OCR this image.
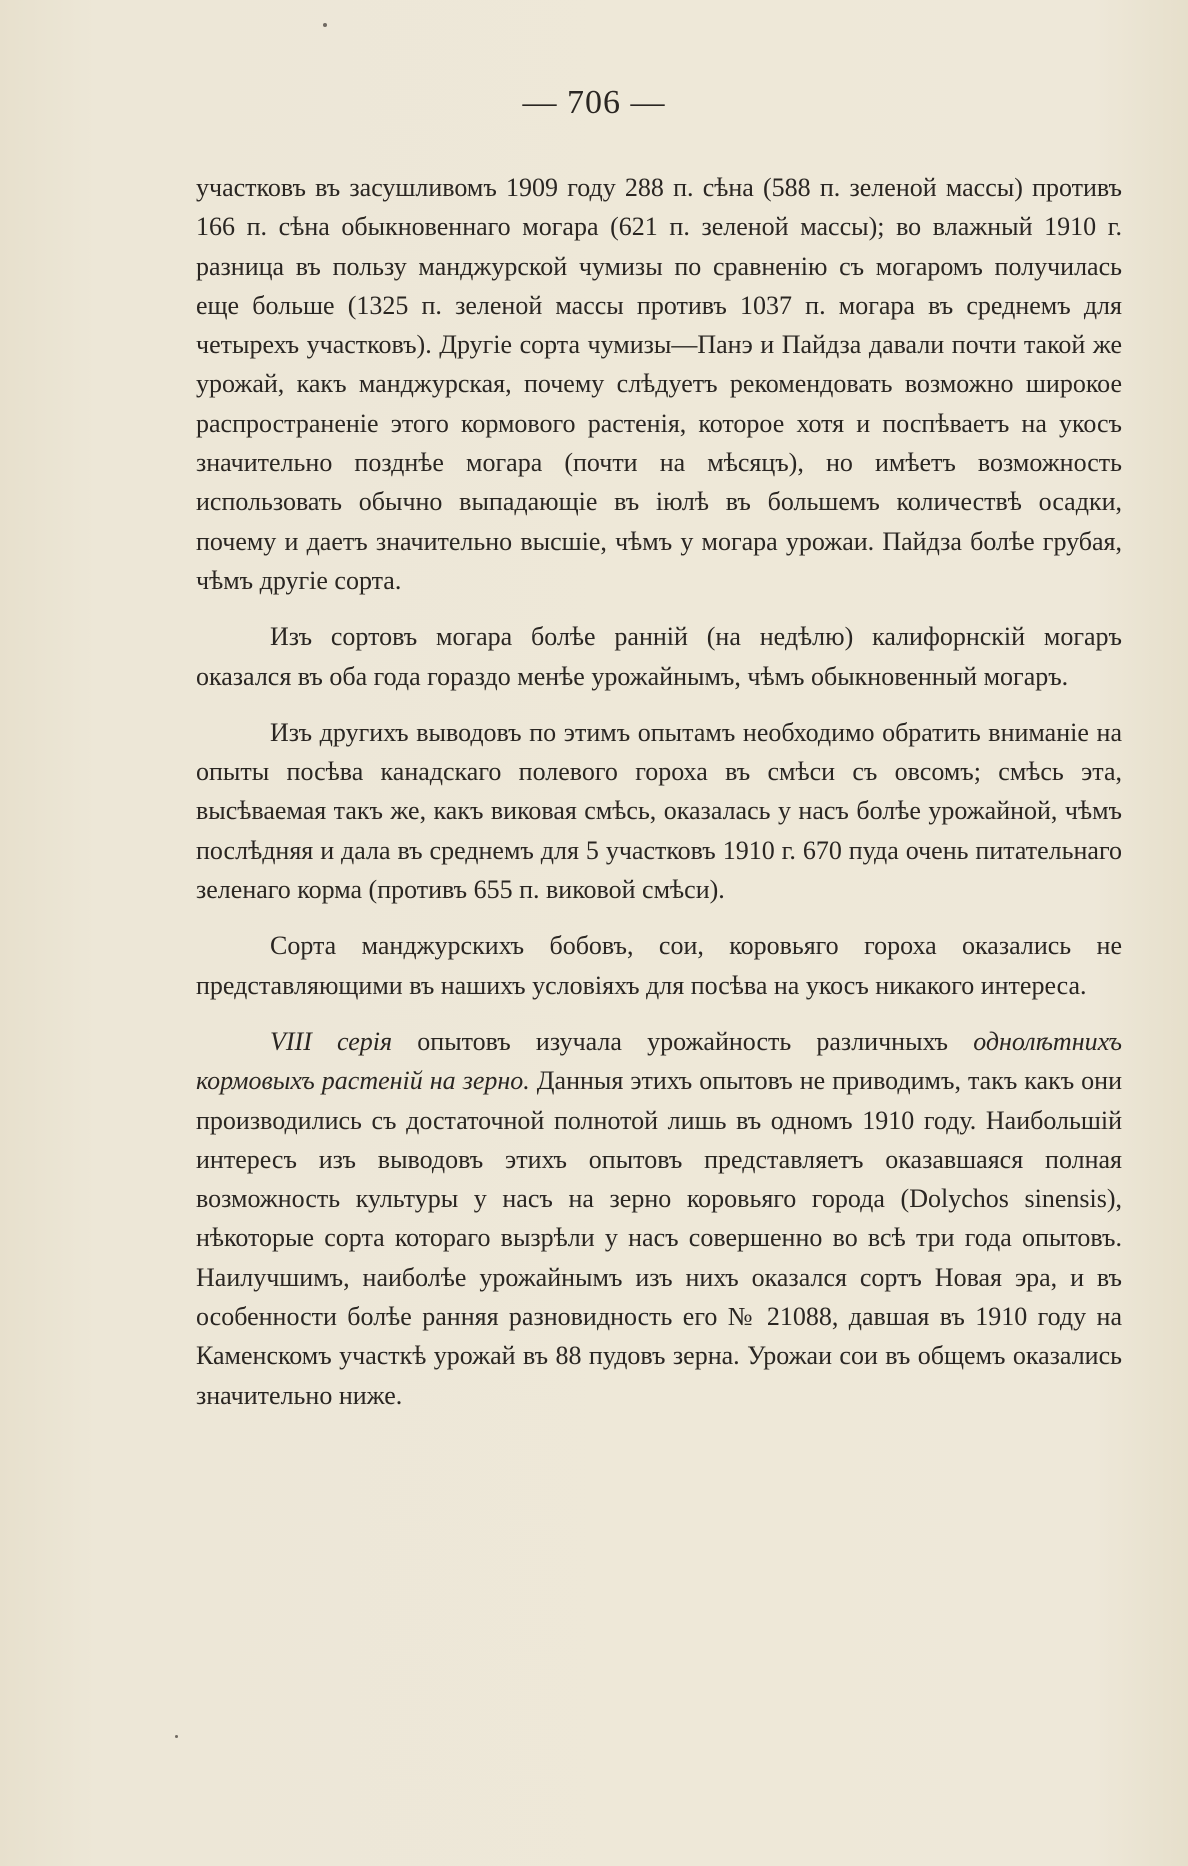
— 706 —

участковъ въ засушливомъ 1909 году 288 п. сѣна (588 п. зеленой массы) противъ 166 п. сѣна обыкновеннаго могара (621 п. зеленой массы); во влажный 1910 г. разница въ пользу манджурской чумизы по сравненію съ могаромъ получилась еще больше (1325 п. зеленой массы противъ 1037 п. могара въ среднемъ для четырехъ участковъ). Другіе сорта чумизы—Панэ и Пайдза давали почти такой же урожай, какъ манджурская, почему слѣдуетъ рекомендовать возможно широкое распространеніе этого кормового растенія, которое хотя и поспѣваетъ на укосъ значительно позднѣе могара (почти на мѣсяцъ), но имѣетъ возможность использовать обычно выпадающіе въ іюлѣ въ большемъ количествѣ осадки, почему и даетъ значительно высшіе, чѣмъ у могара урожаи. Пайдза болѣе грубая, чѣмъ другіе сорта.

Изъ сортовъ могара болѣе ранній (на недѣлю) калифорнскій могаръ оказался въ оба года гораздо менѣе урожайнымъ, чѣмъ обыкновенный могаръ.

Изъ другихъ выводовъ по этимъ опытамъ необходимо обратить вниманіе на опыты посѣва канадскаго полевого гороха въ смѣси съ овсомъ; смѣсь эта, высѣваемая такъ же, какъ виковая смѣсь, оказалась у насъ болѣе урожайной, чѣмъ послѣдняя и дала въ среднемъ для 5 участковъ 1910 г. 670 пуда очень питательнаго зеленаго корма (противъ 655 п. виковой смѣси).

Сорта манджурскихъ бобовъ, сои, коровьяго гороха оказались не представляющими въ нашихъ условіяхъ для посѣва на укосъ никакого интереса.

VIII серія опытовъ изучала урожайность различныхъ однолѣтнихъ кормовыхъ растеній на зерно. Данныя этихъ опытовъ не приводимъ, такъ какъ они производились съ достаточной полнотой лишь въ одномъ 1910 году. Наибольшій интересъ изъ выводовъ этихъ опытовъ представляетъ оказавшаяся полная возможность культуры у насъ на зерно коровьяго города (Dolychos sinensis), нѣкоторые сорта котораго вызрѣли у насъ совершенно во всѣ три года опытовъ. Наилучшимъ, наиболѣе урожайнымъ изъ нихъ оказался сортъ Новая эра, и въ особенности болѣе ранняя разновидность его № 21088, давшая въ 1910 году на Каменскомъ участкѣ урожай въ 88 пудовъ зерна. Урожаи сои въ общемъ оказались значительно ниже.
